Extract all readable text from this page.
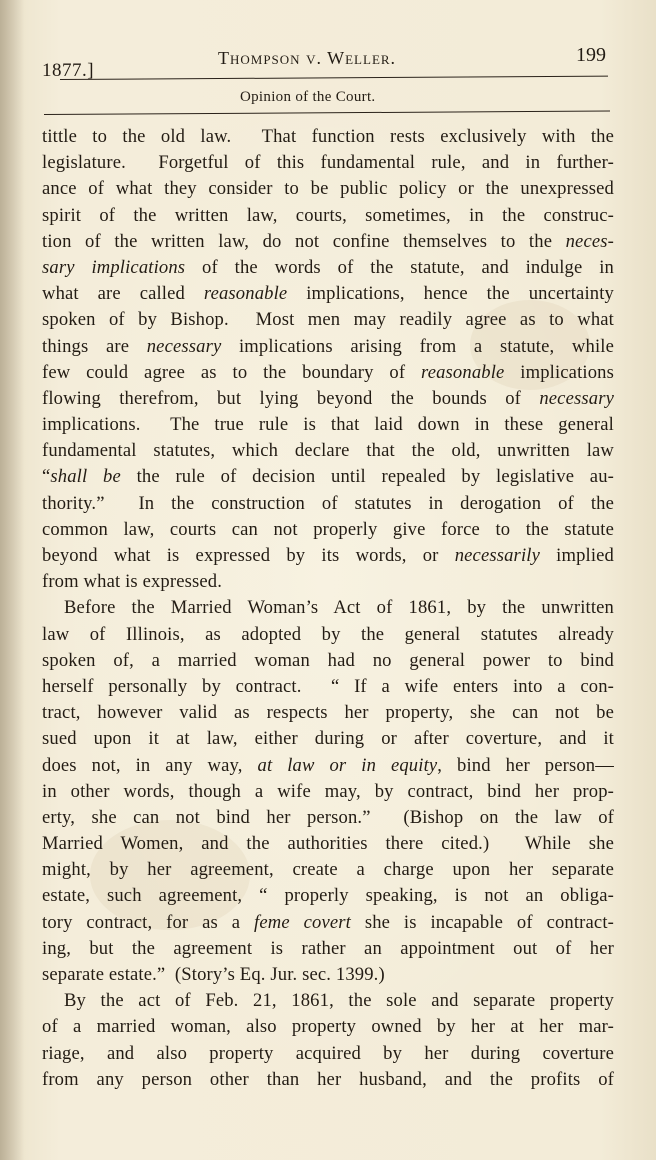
1877.]
Thompson v. Weller.	199
Opinion of the Court.
tittle to the old law.  That function rests exclusively with the
legislature.  Forgetful of this fundamental rule, and in further-
ance of what they consider to be public policy or the unexpressed
spirit of the written law, courts, sometimes, in the construc-
tion of the written law, do not confine themselves to the neces-
sary implications of the words of the statute, and indulge in
what are called reasonable implications, hence the uncertainty
spoken of by Bishop.  Most men may readily agree as to what
things are necessary implications arising from a statute, while
few could agree as to the boundary of reasonable implications
flowing therefrom, but lying beyond the bounds of necessary
implications.  The true rule is that laid down in these general
fundamental statutes, which declare that the old, unwritten law
“shall be the rule of decision until repealed by legislative au-
thority.”  In the construction of statutes in derogation of the
common law, courts can not properly give force to the statute
beyond what is expressed by its words, or necessarily implied
from what is expressed.
Before the Married Woman’s Act of 1861, by the unwritten
law of Illinois, as adopted by the general statutes already
spoken of, a married woman had no general power to bind
herself personally by contract.  “ If a wife enters into a con-
tract, however valid as respects her property, she can not be
sued upon it at law, either during or after coverture, and it
does not, in any way, at law or in equity, bind her person—
in other words, though a wife may, by contract, bind her prop-
erty, she can not bind her person.”  (Bishop on the law of
Married Women, and the authorities there cited.)  While she
might, by her agreement, create a charge upon her separate
estate, such agreement, “ properly speaking, is not an obliga-
tory contract, for as a feme covert she is incapable of contract-
ing, but the agreement is rather an appointment out of her
separate estate.”  (Story’s Eq. Jur. sec. 1399.)
By the act of Feb. 21, 1861, the sole and separate property
of a married woman, also property owned by her at her mar-
riage, and also property acquired by her during coverture
from any person other than her husband, and the profits of
